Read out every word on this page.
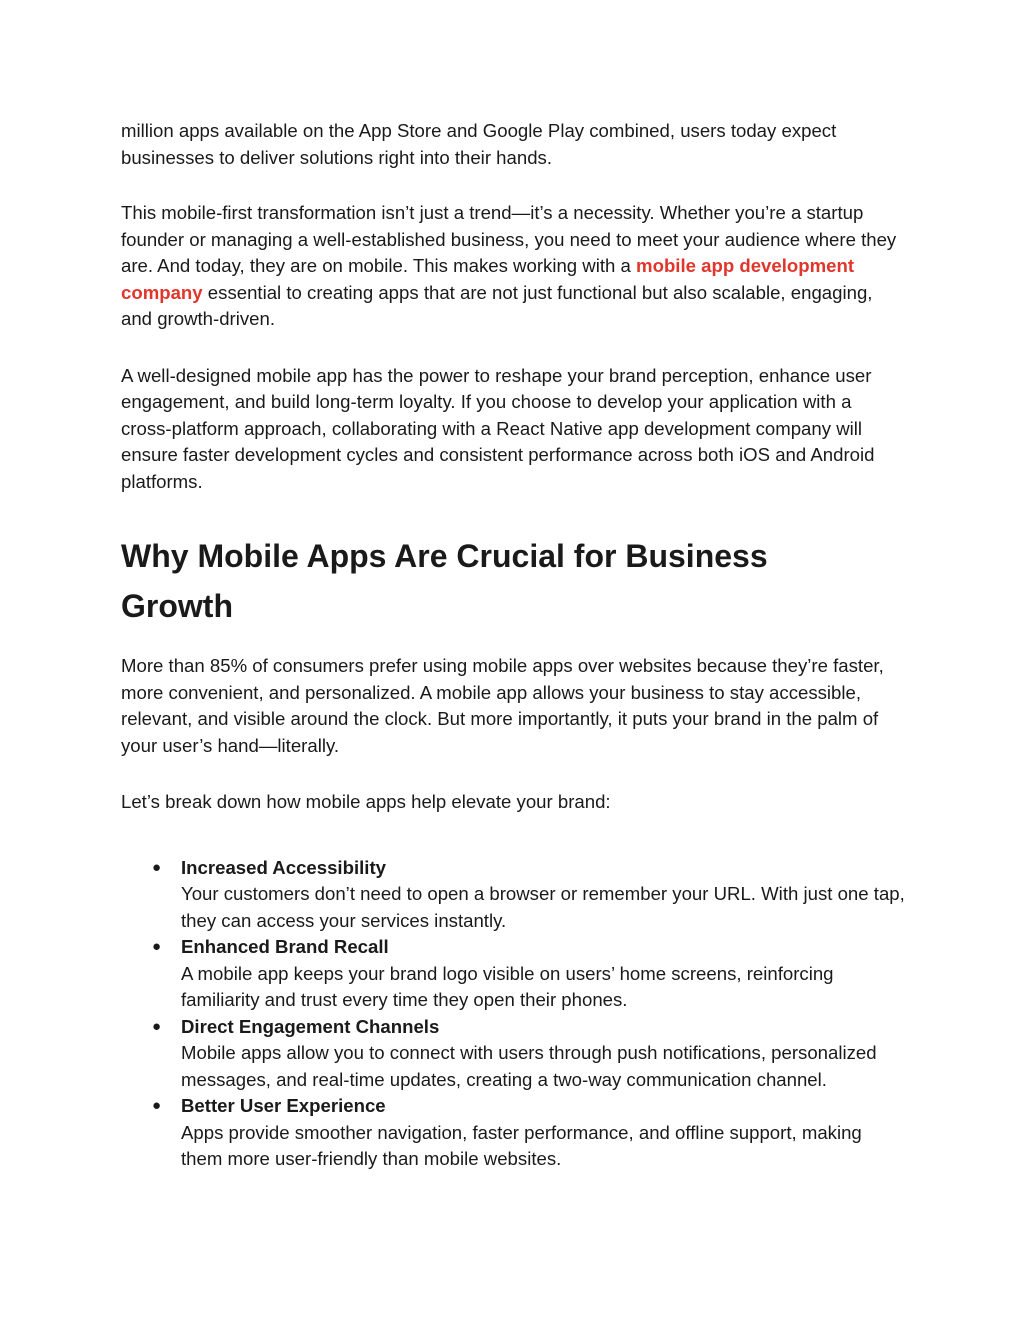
million apps available on the App Store and Google Play combined, users today expect businesses to deliver solutions right into their hands.

This mobile-first transformation isn’t just a trend—it’s a necessity. Whether you’re a startup founder or managing a well-established business, you need to meet your audience where they are. And today, they are on mobile. This makes working with a mobile app development company essential to creating apps that are not just functional but also scalable, engaging, and growth-driven.

A well-designed mobile app has the power to reshape your brand perception, enhance user engagement, and build long-term loyalty. If you choose to develop your application with a cross-platform approach, collaborating with a React Native app development company will ensure faster development cycles and consistent performance across both iOS and Android platforms.

Why Mobile Apps Are Crucial for Business Growth

More than 85% of consumers prefer using mobile apps over websites because they’re faster, more convenient, and personalized. A mobile app allows your business to stay accessible, relevant, and visible around the clock. But more importantly, it puts your brand in the palm of your user’s hand—literally.

Let’s break down how mobile apps help elevate your brand:

● Increased Accessibility
Your customers don’t need to open a browser or remember your URL. With just one tap, they can access your services instantly.
● Enhanced Brand Recall
A mobile app keeps your brand logo visible on users’ home screens, reinforcing familiarity and trust every time they open their phones.
● Direct Engagement Channels
Mobile apps allow you to connect with users through push notifications, personalized messages, and real-time updates, creating a two-way communication channel.
● Better User Experience
Apps provide smoother navigation, faster performance, and offline support, making them more user-friendly than mobile websites.
